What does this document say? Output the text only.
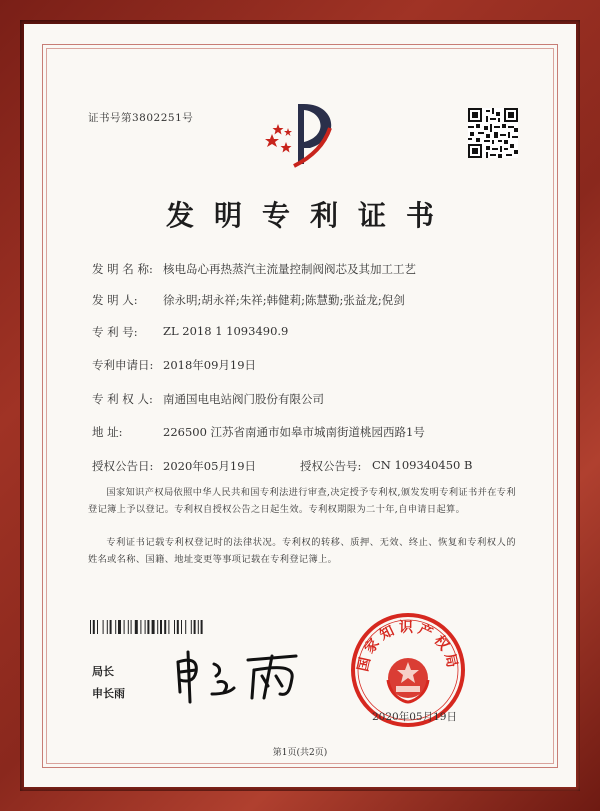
证书号第3802251号
发明专利证书
发 明 名 称: 核电岛心再热蒸汽主流量控制阀阀芯及其加工工艺
发 明 人: 徐永明;胡永祥;朱祥;韩健莉;陈慧勤;张益龙;倪剑
专 利 号: ZL 2018 1 1093490.9
专利申请日: 2018年09月19日
专 利 权 人: 南通国电电站阀门股份有限公司
地 址:	226500 江苏省南通市如皋市城南街道桃园西路1号
授权公告日: 2020年05月19日	授权公告号: CN 109340450 B
国家知识产权局依照中华人民共和国专利法进行审查,决定授予专利权,颁发发明专利证书并在专利登记簿上予以登记。专利权自授权公告之日起生效。专利权期限为二十年,自申请日起算。
专利证书记载专利权登记时的法律状况。专利权的转移、质押、无效、终止、恢复和专利权人的姓名或名称、国籍、地址变更等事项记载在专利登记簿上。
局长
申长雨
国家知识产权局
2020年05月19日
第1页(共2页)
